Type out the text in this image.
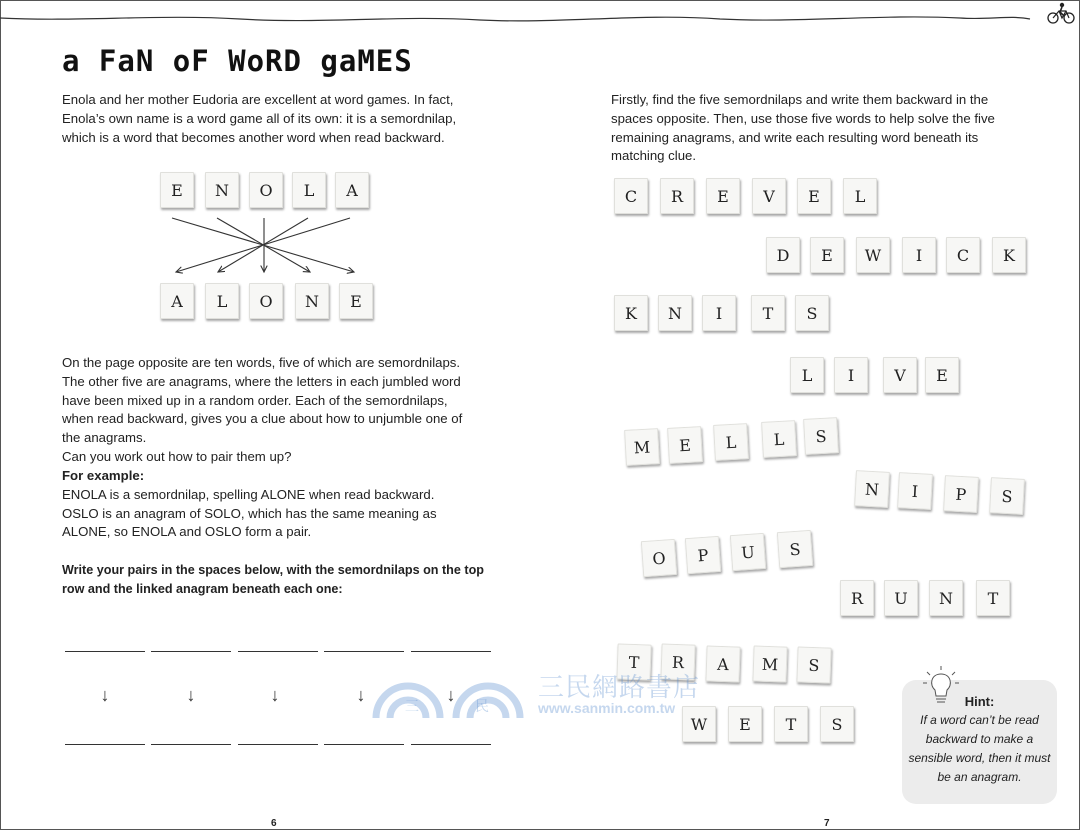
a FaN oF WoRD gaMES
Enola and her mother Eudoria are excellent at word games. In fact, Enola’s own name is a word game all of its own: it is a semordnilap, which is a word that becomes another word when read backward.
E	N	O	L	A
A	L	O	N	E
On the page opposite are ten words, five of which are semordnilaps.
The other five are anagrams, where the letters in each jumbled word have been mixed up in a random order. Each of the semordnilaps, when read backward, gives you a clue about how to unjumble one of the anagrams.
Can you work out how to pair them up?
For example:
ENOLA is a semordnilap, spelling ALONE when read backward.
OSLO is an anagram of SOLO, which has the same meaning as ALONE, so ENOLA and OSLO form a pair.
Write your pairs in the spaces below, with the semordnilaps on the top row and the linked anagram beneath each one:
↓	↓	↓	↓	↓
6
Firstly, find the five semordnilaps and write them backward in the spaces opposite. Then, use those five words to help solve the five remaining anagrams, and write each resulting word beneath its matching clue.
C	R	E	V	E	L
D	E	W	I	C	K
K	N	I	T	S
L	I	V	E
M	E	L	L	S
N	I	P	S
O	P	U	S
R	U	N	T
T	R	A	M	S
W	E	T	S
Hint:
If a word can’t be read backward to make a sensible word, then it must be an anagram.
7
三	民
三民網路書店
www.sanmin.com.tw
